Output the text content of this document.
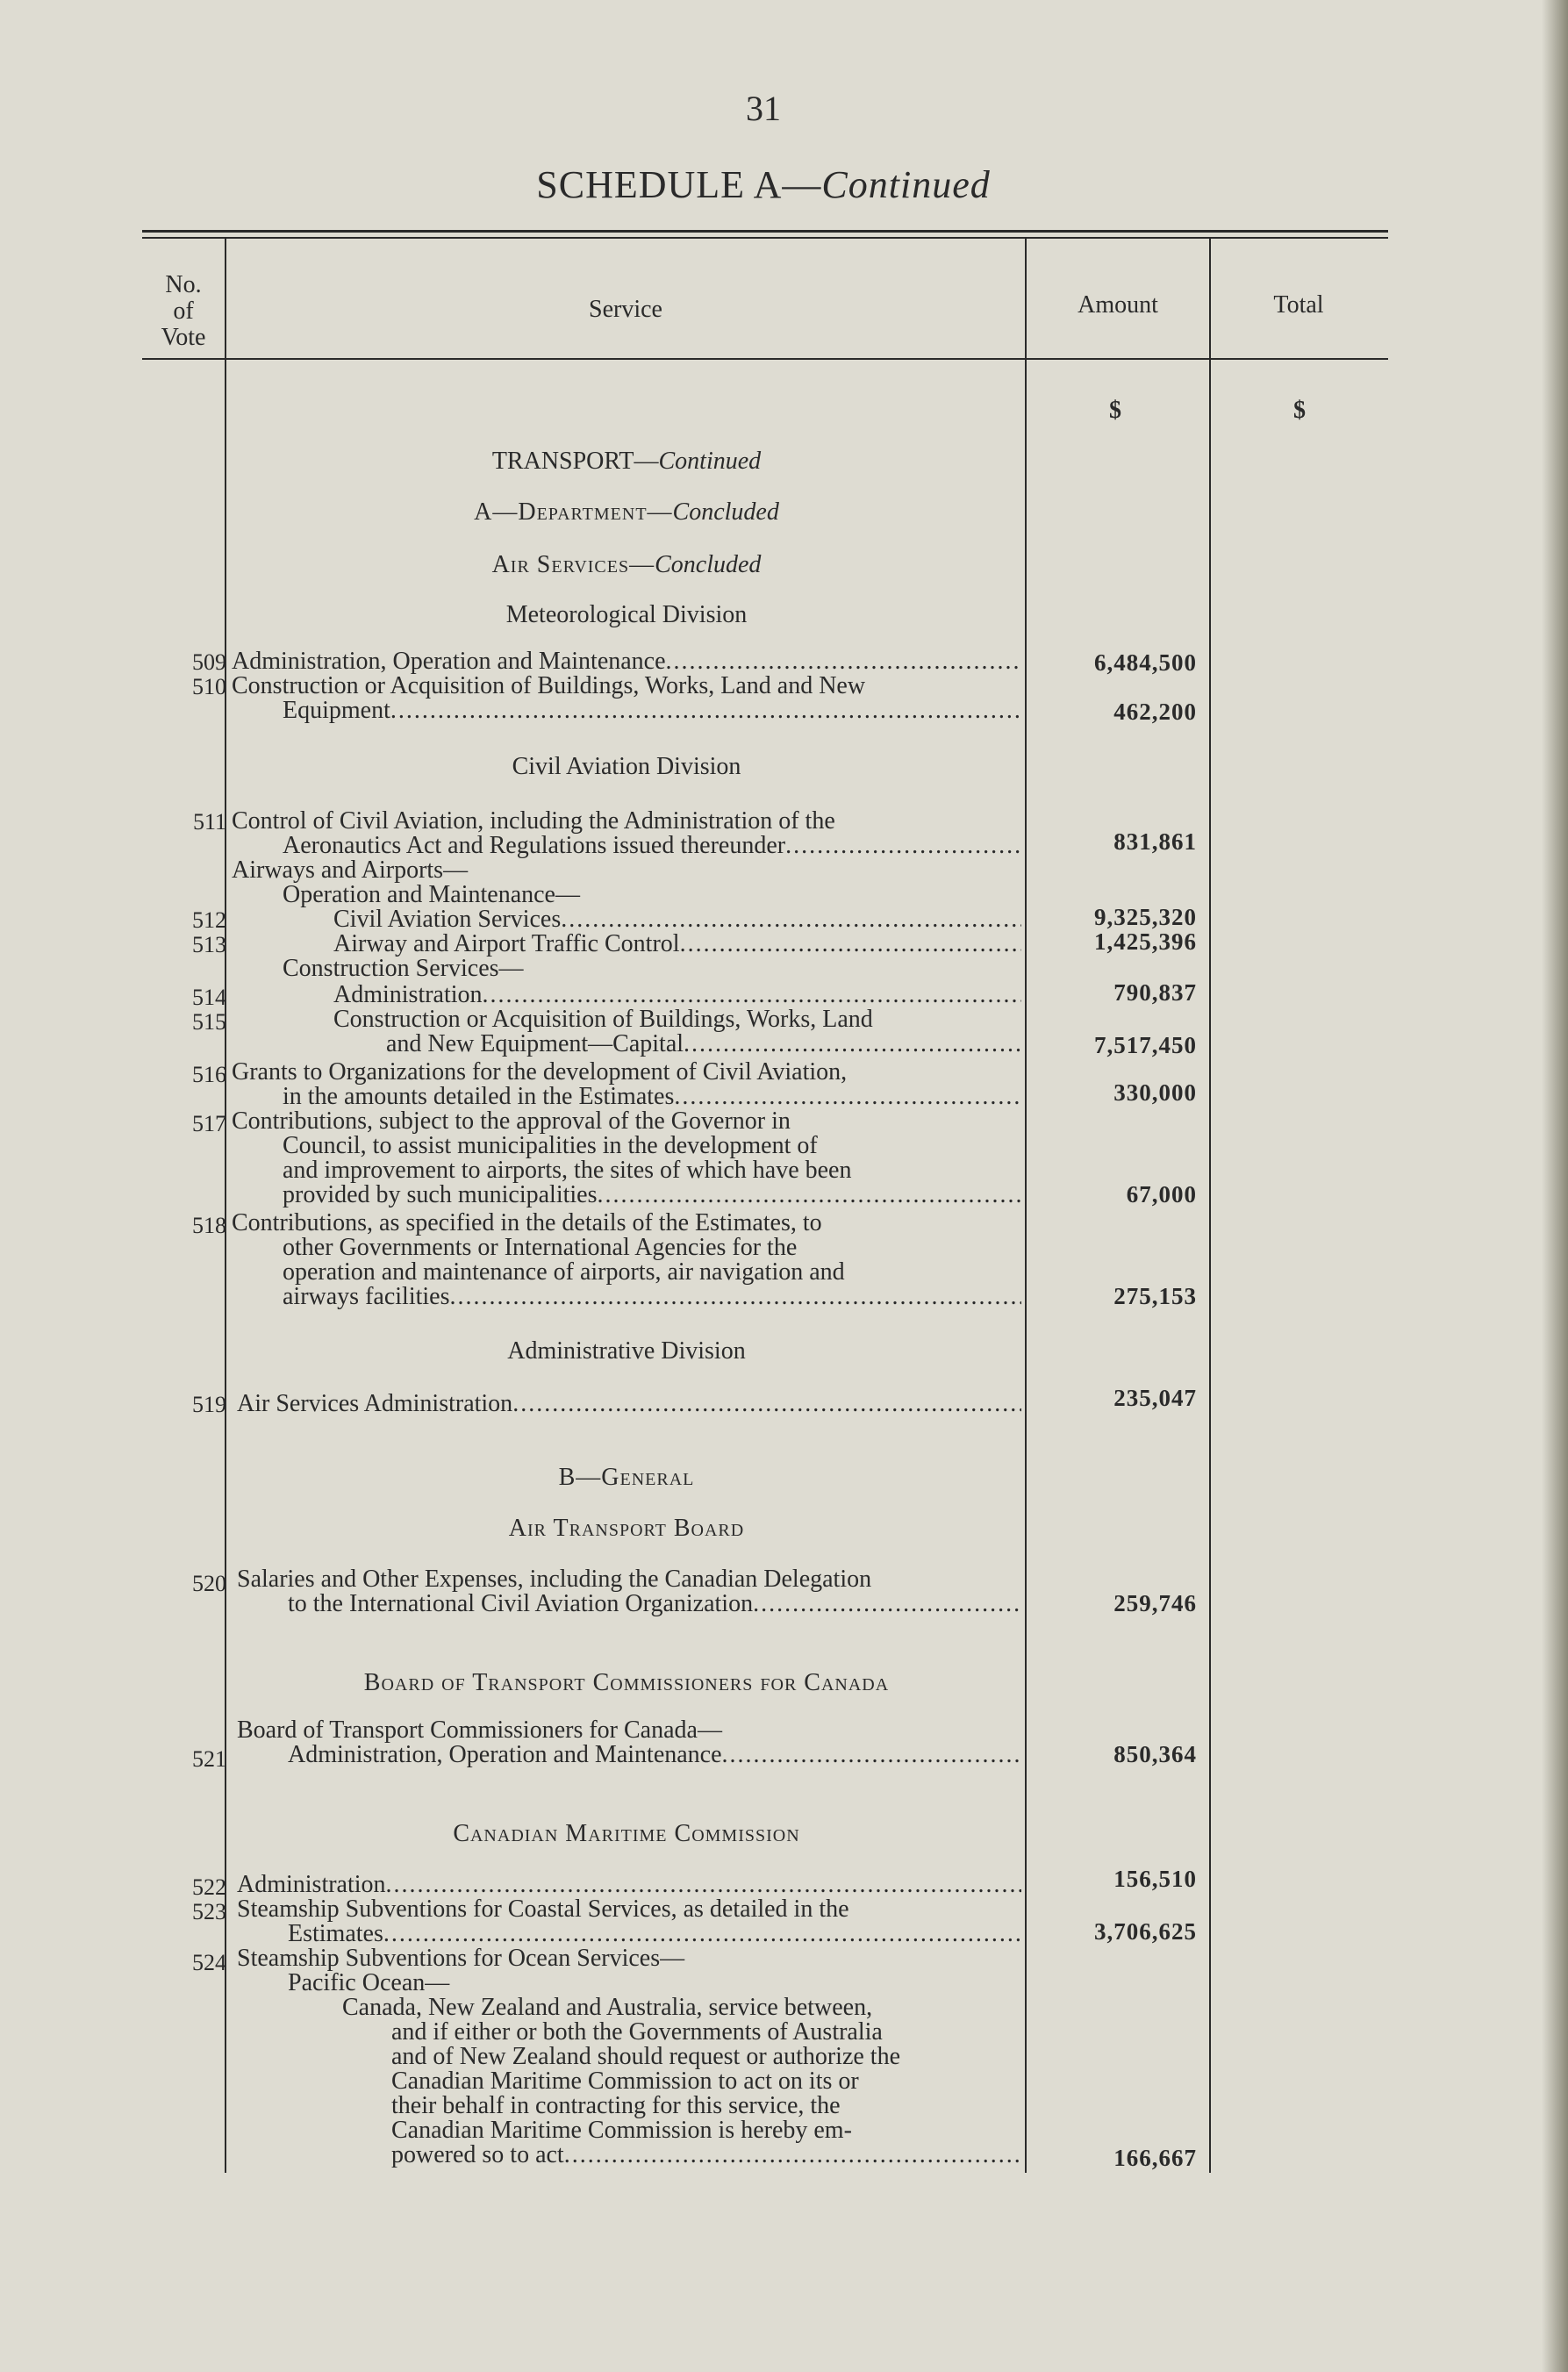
31
SCHEDULE A—Continued
No.
of
Vote
Service	Amount	Total
$	$
TRANSPORT—Continued
A—Department—Concluded
Air Services—Concluded
Meteorological Division
509 Administration, Operation and Maintenance .....	6,484,500
510 Construction or Acquisition of Buildings, Works, Land and New
Equipment .....	462,200
Civil Aviation Division
511 Control of Civil Aviation, including the Administration of the
Aeronautics Act and Regulations issued thereunder .....	831,861
Airways and Airports—
Operation and Maintenance—
512	Civil Aviation Services .....	9,325,320
513	Airway and Airport Traffic Control .....	1,425,396
Construction Services—
514	Administration .....	790,837
515	Construction or Acquisition of Buildings, Works, Land
and New Equipment—Capital .....	7,517,450
516 Grants to Organizations for the development of Civil Aviation,
in the amounts detailed in the Estimates .....	330,000
517 Contributions, subject to the approval of the Governor in
Council, to assist municipalities in the development of
and improvement to airports, the sites of which have been
provided by such municipalities .....	67,000
518 Contributions, as specified in the details of the Estimates, to
other Governments or International Agencies for the
operation and maintenance of airports, air navigation and
airways facilities .....	275,153
Administrative Division
519 Air Services Administration .....	235,047
B—General
Air Transport Board
520 Salaries and Other Expenses, including the Canadian Delegation
to the International Civil Aviation Organization .....	259,746
Board of Transport Commissioners for Canada
Board of Transport Commissioners for Canada—
521	Administration, Operation and Maintenance .....	850,364
Canadian Maritime Commission
522 Administration .....	156,510
523 Steamship Subventions for Coastal Services, as detailed in the
Estimates .....	3,706,625
524 Steamship Subventions for Ocean Services—
Pacific Ocean—
Canada, New Zealand and Australia, service between,
and if either or both the Governments of Australia
and of New Zealand should request or authorize the
Canadian Maritime Commission to act on its or
their behalf in contracting for this service, the
Canadian Maritime Commission is hereby em-
powered so to act .....	166,667
